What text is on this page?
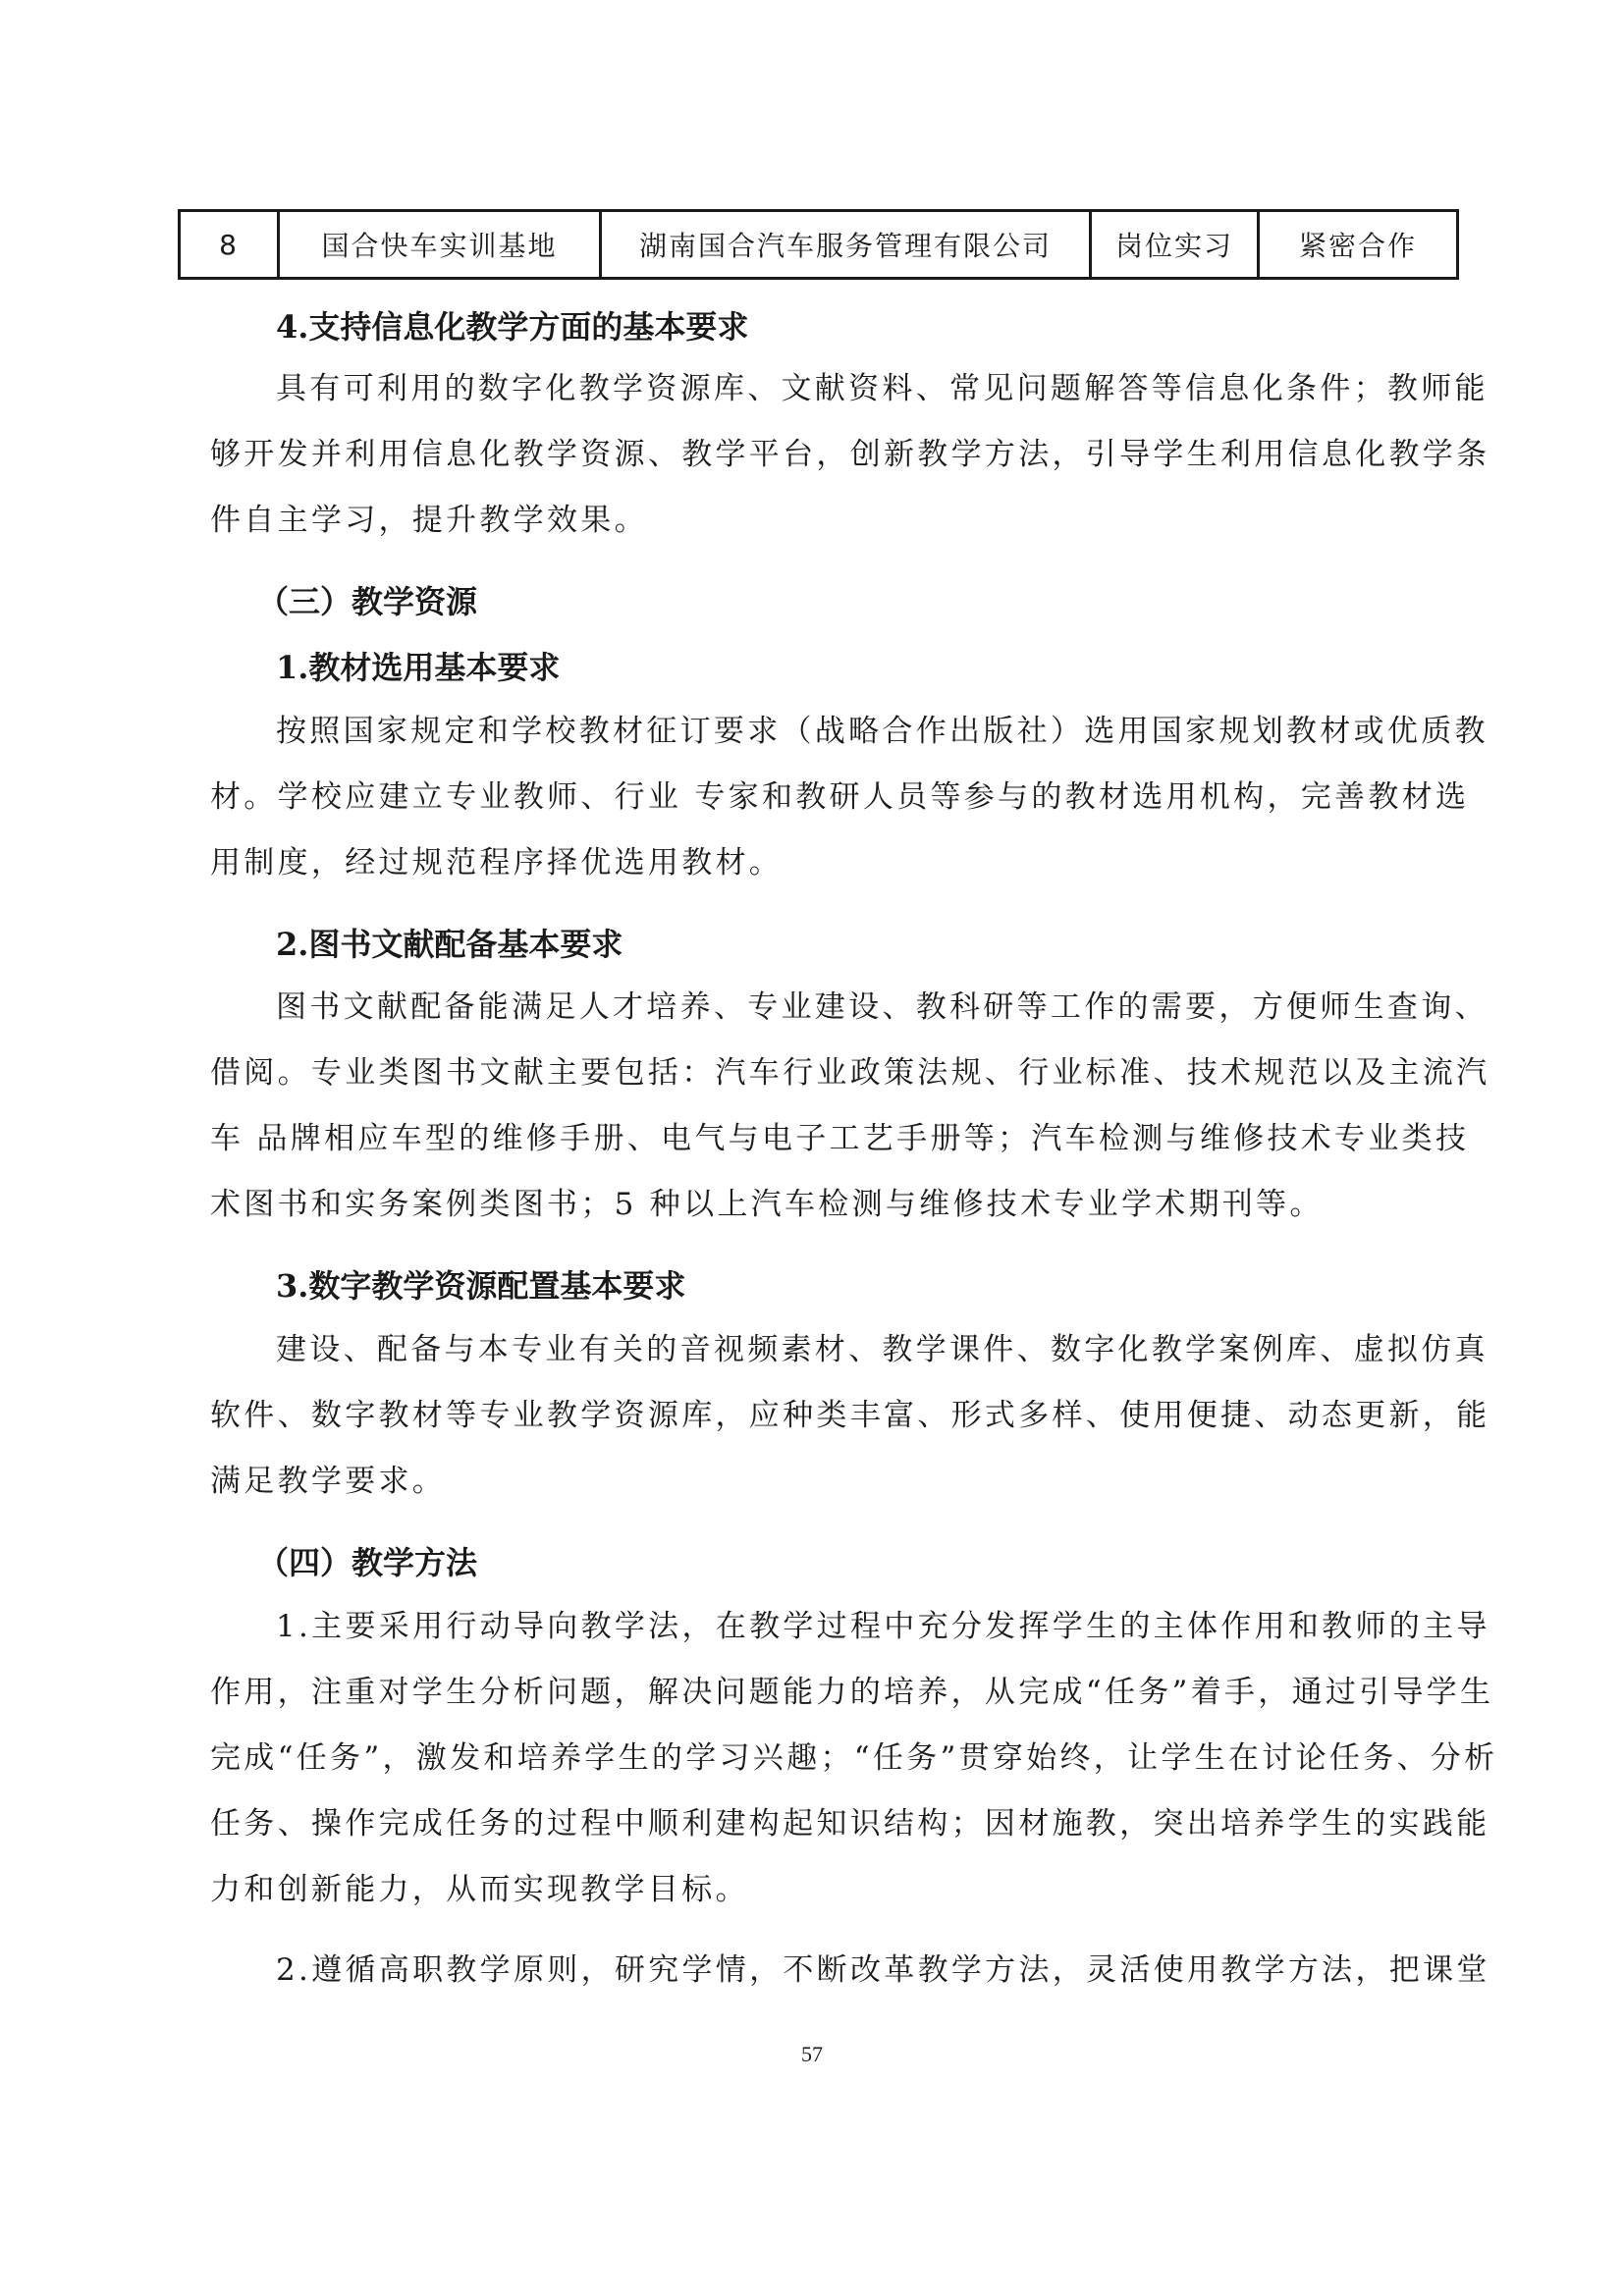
8	国合快车实训基地	湖南国合汽车服务管理有限公司	岗位实习	紧密合作
4.支持信息化教学方面的基本要求
具有可利用的数字化教学资源库、文献资料、常见问题解答等信息化条件；教师能
够开发并利用信息化教学资源、教学平台，创新教学方法，引导学生利用信息化教学条
件自主学习，提升教学效果。
（三）教学资源
1.教材选用基本要求
按照国家规定和学校教材征订要求（战略合作出版社）选用国家规划教材或优质教
材。学校应建立专业教师、行业 专家和教研人员等参与的教材选用机构，完善教材选
用制度，经过规范程序择优选用教材。
2.图书文献配备基本要求
图书文献配备能满足人才培养、专业建设、教科研等工作的需要，方便师生查询、
借阅。专业类图书文献主要包括：汽车行业政策法规、行业标准、技术规范以及主流汽
车 品牌相应车型的维修手册、电气与电子工艺手册等；汽车检测与维修技术专业类技
术图书和实务案例类图书；5 种以上汽车检测与维修技术专业学术期刊等。
3.数字教学资源配置基本要求
建设、配备与本专业有关的音视频素材、教学课件、数字化教学案例库、虚拟仿真
软件、数字教材等专业教学资源库，应种类丰富、形式多样、使用便捷、动态更新，能
满足教学要求。
（四）教学方法
1.主要采用行动导向教学法，在教学过程中充分发挥学生的主体作用和教师的主导
作用，注重对学生分析问题，解决问题能力的培养，从完成“任务”着手，通过引导学生
完成“任务”，激发和培养学生的学习兴趣；“任务”贯穿始终，让学生在讨论任务、分析
任务、操作完成任务的过程中顺利建构起知识结构；因材施教，突出培养学生的实践能
力和创新能力，从而实现教学目标。
2.遵循高职教学原则，研究学情，不断改革教学方法，灵活使用教学方法，把课堂
57
